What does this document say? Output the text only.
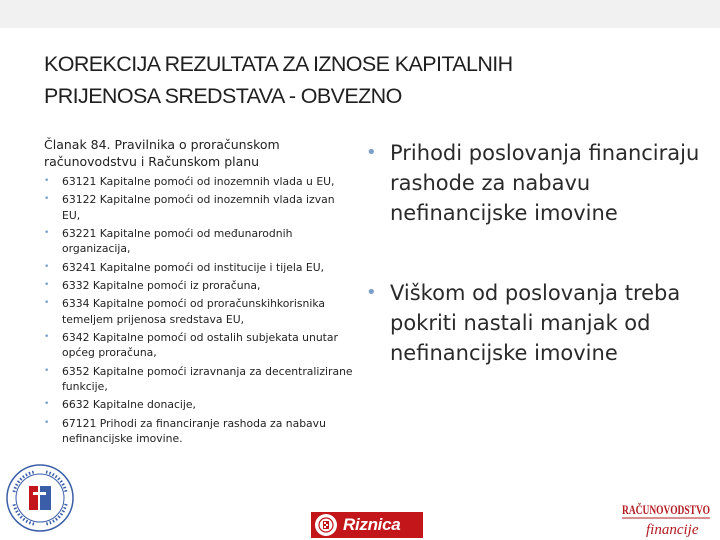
KOREKCIJA REZULTATA ZA IZNOSE KAPITALNIH
PRIJENOSA SREDSTAVA - OBVEZNO

Članak 84. Pravilnika o proračunskom računovodstvu i Računskom planu

• 63121 Kapitalne pomoći od inozemnih vlada u EU,
• 63122 Kapitalne pomoći od inozemnih vlada izvan EU,
• 63221 Kapitalne pomoći od međunarodnih organizacija,
• 63241 Kapitalne pomoći od institucije i tijela EU,
• 6332 Kapitalne pomoći iz proračuna,
• 6334 Kapitalne pomoći od proračunskihkorisnika temeljem prijenosa sredstava EU,
• 6342 Kapitalne pomoći od ostalih subjekata unutar općeg proračuna,
• 6352 Kapitalne pomoći izravnanja za decentralizirane funkcije,
• 6632 Kapitalne donacije,
• 67121 Prihodi za financiranje rashoda za nabavu nefinancijske imovine.
• Prihodi poslovanja financiraju rashode za nabavu nefinancijske imovine
• Viškom od poslovanja treba pokriti nastali manjak od nefinancijske imovine
Riznica
RAČUNOVODSTVO
financije
